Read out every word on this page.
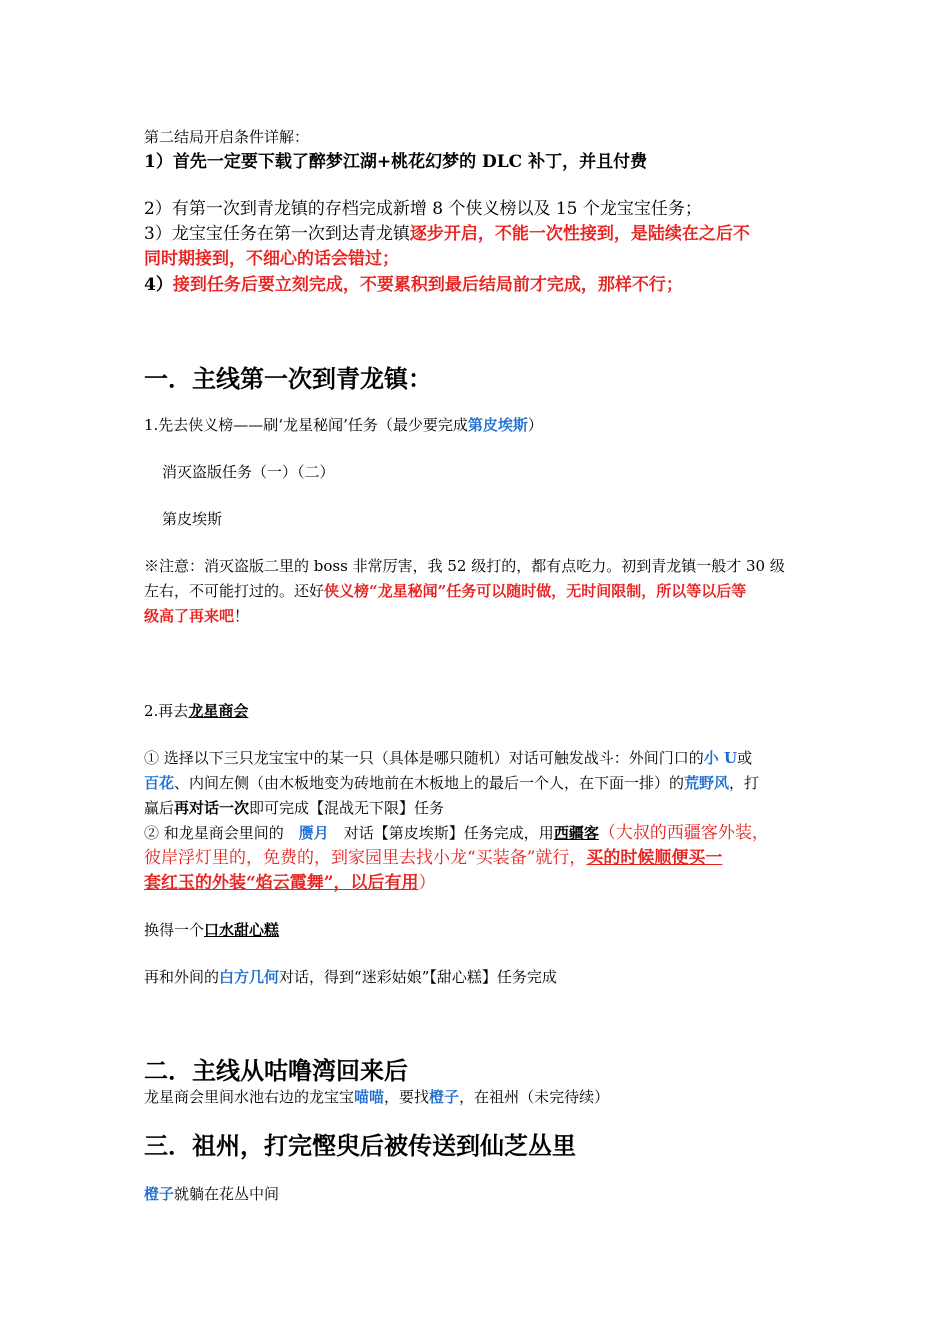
第二结局开启条件详解：
1）首先一定要下载了醉梦江湖+桃花幻梦的 DLC 补丁，并且付费
2）有第一次到青龙镇的存档完成新增 8 个侠义榜以及 15 个龙宝宝任务；
3）龙宝宝任务在第一次到达青龙镇逐步开启，不能一次性接到，是陆续在之后不
同时期接到，不细心的话会错过；
4）接到任务后要立刻完成，不要累积到最后结局前才完成，那样不行；
一．主线第一次到青龙镇：
1.先去侠义榜——刷‘龙星秘闻’任务（最少要完成第皮埃斯）
消灭盗版任务（一）（二）
第皮埃斯
※注意：消灭盗版二里的 boss 非常厉害，我 52 级打的，都有点吃力。初到青龙镇一般才 30 级
左右，不可能打过的。还好侠义榜“龙星秘闻”任务可以随时做，无时间限制，所以等以后等
级高了再来吧！
2.再去龙星商会
① 选择以下三只龙宝宝中的某一只（具体是哪只随机）对话可触发战斗：外间门口的小 U或
百花、内间左侧（由木板地变为砖地前在木板地上的最后一个人，在下面一排）的荒野风，打
赢后再对话一次即可完成【混战无下限】任务
② 和龙星商会里间的　赝月　对话【第皮埃斯】任务完成，用西疆客（大叔的西疆客外装，
彼岸浮灯里的，免费的，到家园里去找小龙“买装备”就行，买的时候顺便买一
套红玉的外装“焰云霞舞”，以后有用）
换得一个口水甜心糕
再和外间的白方几何对话，得到“迷彩姑娘”【甜心糕】任务完成
二．主线从咕噜湾回来后
龙星商会里间水池右边的龙宝宝喵喵，要找橙子，在祖州（未完待续）
三．祖州，打完慳臾后被传送到仙芝丛里
橙子就躺在花丛中间
